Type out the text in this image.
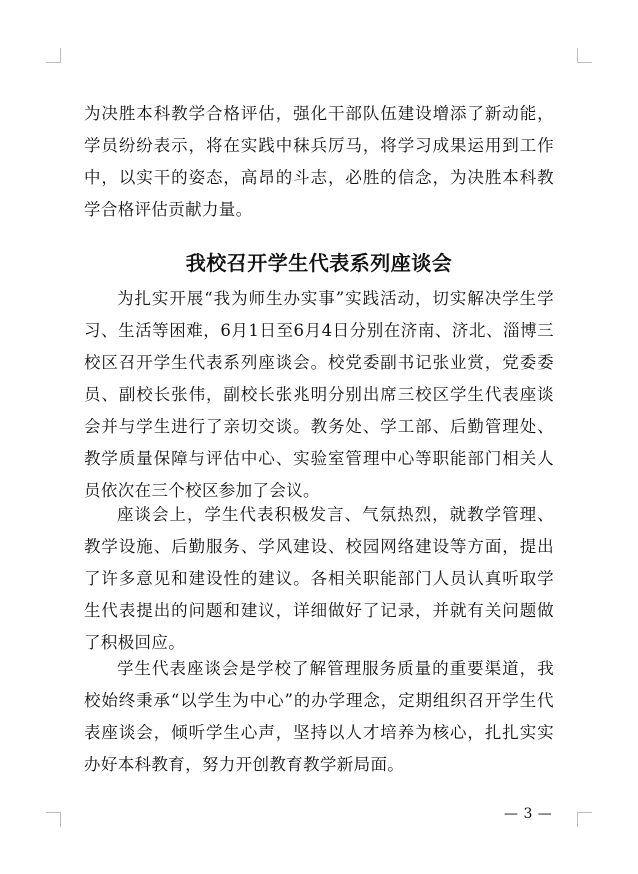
为决胜本科教学合格评估，强化干部队伍建设增添了新动能，学员纷纷表示，将在实践中秣兵厉马，将学习成果运用到工作中，以实干的姿态，高昂的斗志，必胜的信念，为决胜本科教学合格评估贡献力量。

我校召开学生代表系列座谈会

为扎实开展“我为师生办实事”实践活动，切实解决学生学习、生活等困难，6月1日至6月4日分别在济南、济北、淄博三校区召开学生代表系列座谈会。校党委副书记张业赏，党委委员、副校长张伟，副校长张兆明分别出席三校区学生代表座谈会并与学生进行了亲切交谈。教务处、学工部、后勤管理处、教学质量保障与评估中心、实验室管理中心等职能部门相关人员依次在三个校区参加了会议。

座谈会上，学生代表积极发言、气氛热烈，就教学管理、教学设施、后勤服务、学风建设、校园网络建设等方面，提出了许多意见和建设性的建议。各相关职能部门人员认真听取学生代表提出的问题和建议，详细做好了记录，并就有关问题做了积极回应。

学生代表座谈会是学校了解管理服务质量的重要渠道，我校始终秉承“以学生为中心”的办学理念，定期组织召开学生代表座谈会，倾听学生心声，坚持以人才培养为核心，扎扎实实办好本科教育，努力开创教育教学新局面。

— 3 —
